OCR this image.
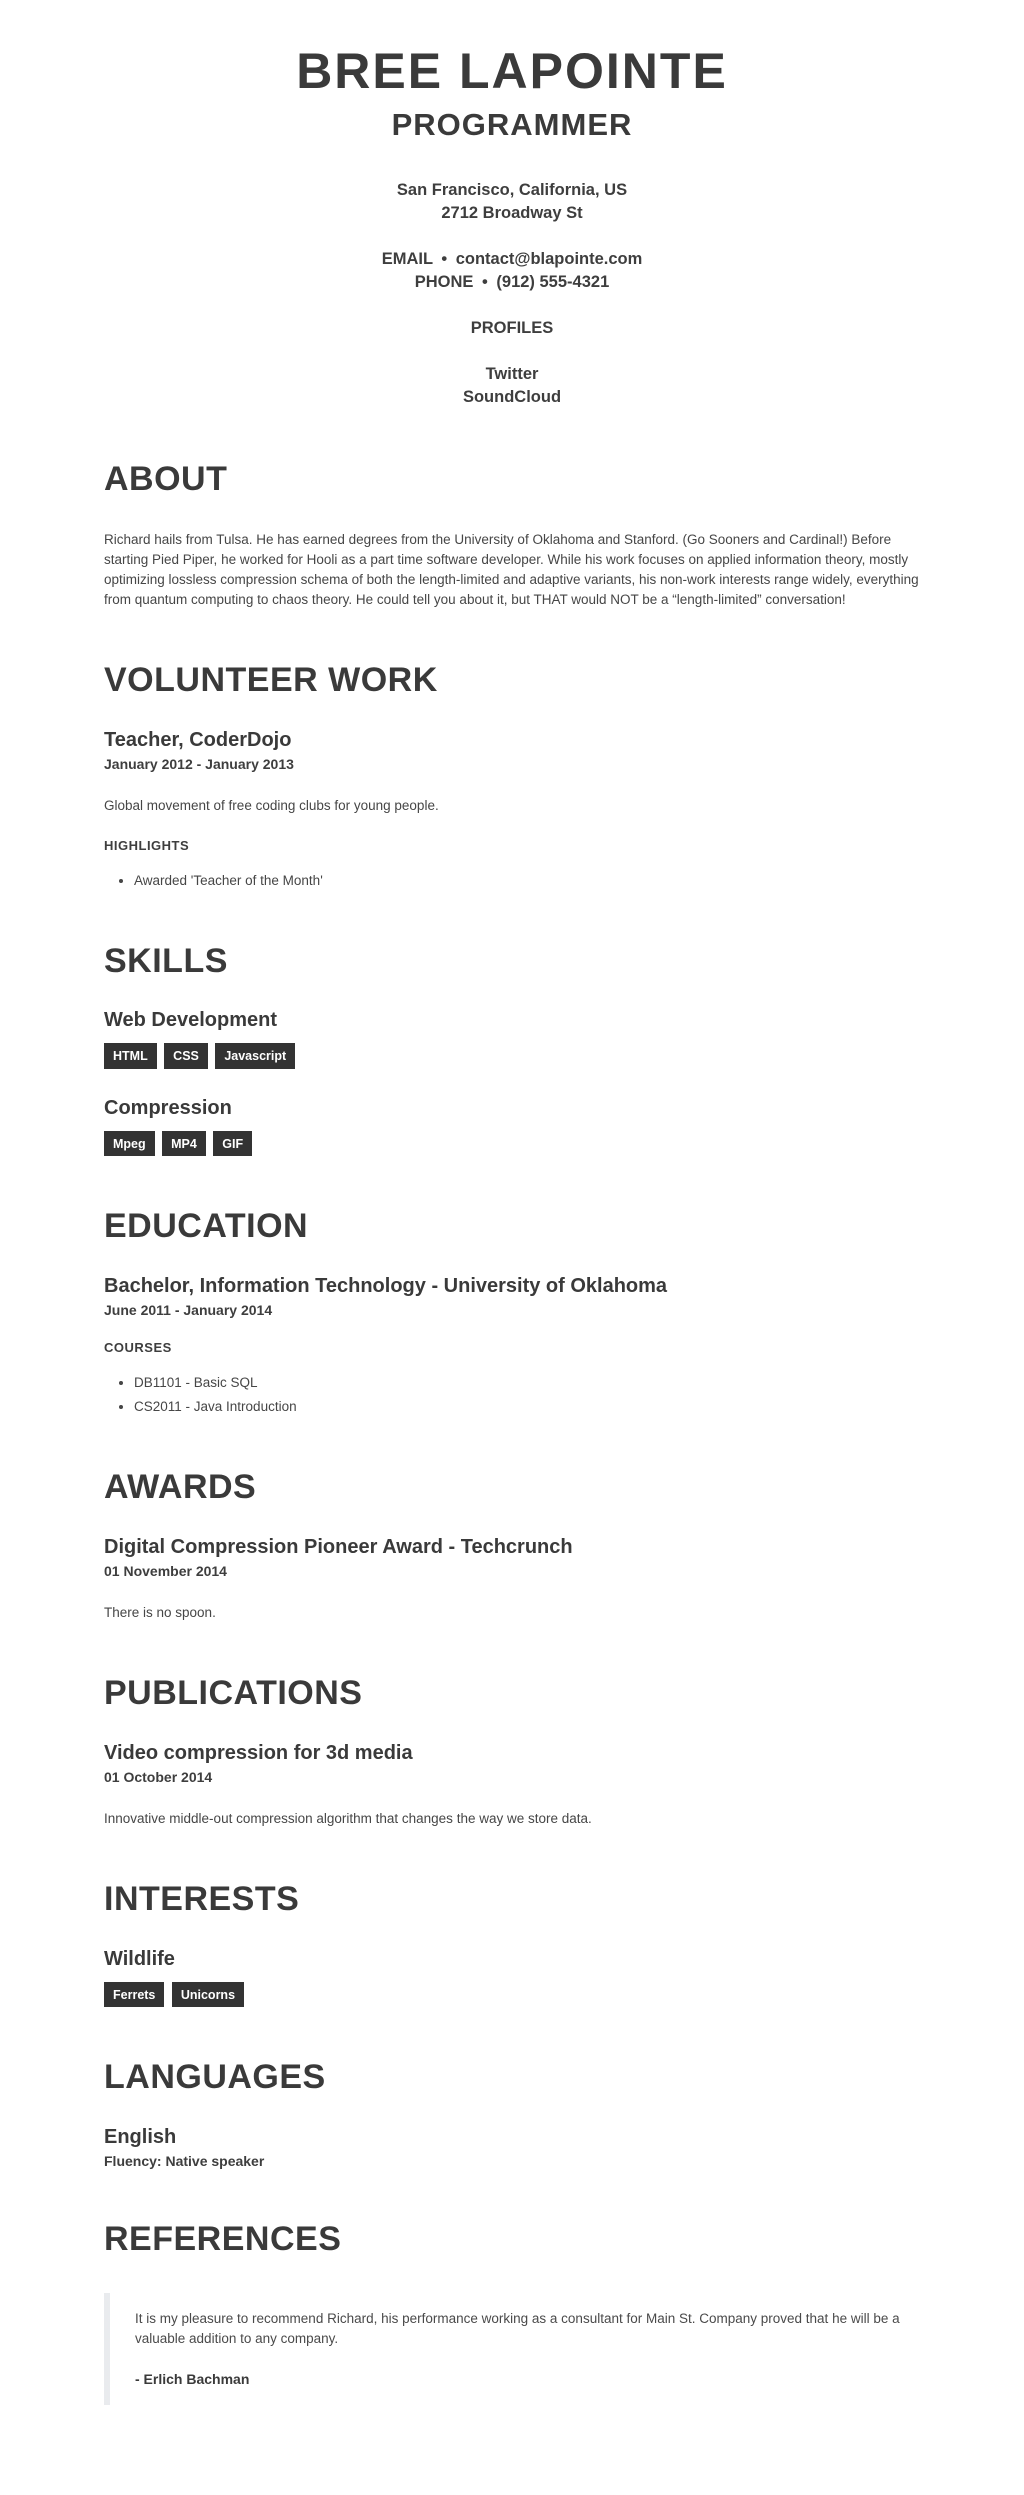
BREE LAPOINTE
PROGRAMMER
San Francisco, California, US
2712 Broadway St
EMAIL • contact@blapointe.com
PHONE • (912) 555-4321
PROFILES
Twitter
SoundCloud
ABOUT

Richard hails from Tulsa. He has earned degrees from the University of Oklahoma and Stanford. (Go Sooners and Cardinal!) Before starting Pied Piper, he worked for Hooli as a part time software developer. While his work focuses on applied information theory, mostly optimizing lossless compression schema of both the length-limited and adaptive variants, his non-work interests range widely, everything from quantum computing to chaos theory. He could tell you about it, but THAT would NOT be a “length-limited” conversation!

VOLUNTEER WORK
Teacher, CoderDojo
January 2012 - January 2013

Global movement of free coding clubs for young people.

HIGHLIGHTS
• Awarded 'Teacher of the Month'
SKILLS
Web Development
HTML CSS Javascript
Compression
Mpeg MP4 GIF
EDUCATION
Bachelor, Information Technology - University of Oklahoma
June 2011 - January 2014
COURSES
• DB1101 - Basic SQL
• CS2011 - Java Introduction
AWARDS
Digital Compression Pioneer Award - Techcrunch
01 November 2014

There is no spoon.

PUBLICATIONS
Video compression for 3d media
01 October 2014

Innovative middle-out compression algorithm that changes the way we store data.

INTERESTS
Wildlife
Ferrets Unicorns
LANGUAGES
English
Fluency: Native speaker
REFERENCES

It is my pleasure to recommend Richard, his performance working as a consultant for Main St. Company proved that he will be a valuable addition to any company.

- Erlich Bachman
